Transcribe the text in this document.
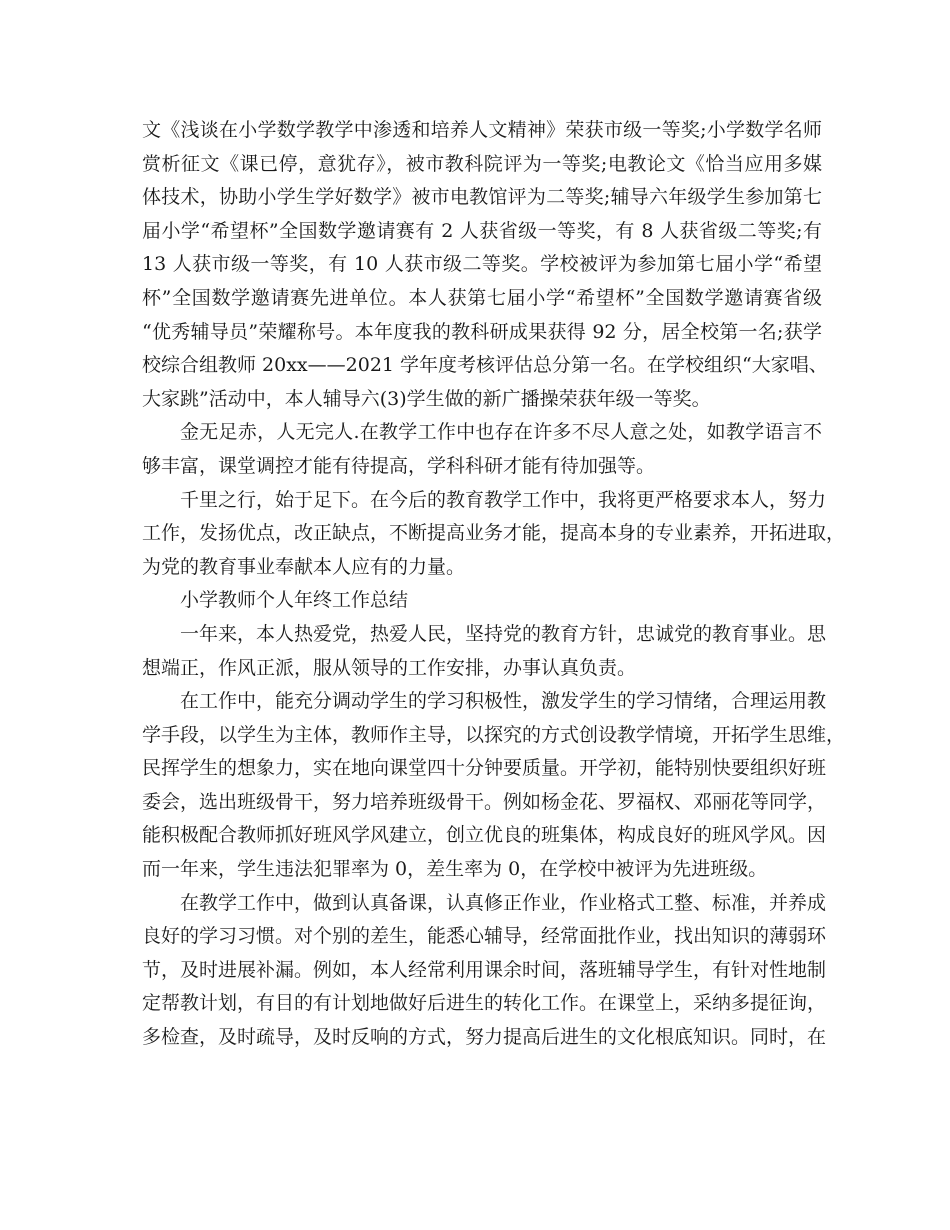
文《浅谈在小学数学教学中渗透和培养人文精神》荣获市级一等奖;小学数学名师
赏析征文《课已停，意犹存》，被市教科院评为一等奖;电教论文《恰当应用多媒
体技术，协助小学生学好数学》被市电教馆评为二等奖;辅导六年级学生参加第七
届小学“希望杯”全国数学邀请赛有 2 人获省级一等奖，有 8 人获省级二等奖;有
13 人获市级一等奖，有 10 人获市级二等奖。学校被评为参加第七届小学“希望
杯”全国数学邀请赛先进单位。本人获第七届小学“希望杯”全国数学邀请赛省级
“优秀辅导员”荣耀称号。本年度我的教科研成果获得 92 分，居全校第一名;获学
校综合组教师 20xx——2021 学年度考核评估总分第一名。在学校组织“大家唱、
大家跳”活动中，本人辅导六(3)学生做的新广播操荣获年级一等奖。
金无足赤，人无完人.在教学工作中也存在许多不尽人意之处，如教学语言不
够丰富，课堂调控才能有待提高，学科科研才能有待加强等。
千里之行，始于足下。在今后的教育教学工作中，我将更严格要求本人，努力
工作，发扬优点，改正缺点，不断提高业务才能，提高本身的专业素养，开拓进取，
为党的教育事业奉献本人应有的力量。
小学教师个人年终工作总结
一年来，本人热爱党，热爱人民，坚持党的教育方针，忠诚党的教育事业。思
想端正，作风正派，服从领导的工作安排，办事认真负责。
在工作中，能充分调动学生的学习积极性，激发学生的学习情绪，合理运用教
学手段，以学生为主体，教师作主导，以探究的方式创设教学情境，开拓学生思维，
民挥学生的想象力，实在地向课堂四十分钟要质量。开学初，能特别快要组织好班
委会，选出班级骨干，努力培养班级骨干。例如杨金花、罗福权、邓丽花等同学，
能积极配合教师抓好班风学风建立，创立优良的班集体，构成良好的班风学风。因
而一年来，学生违法犯罪率为 0，差生率为 0，在学校中被评为先进班级。
在教学工作中，做到认真备课，认真修正作业，作业格式工整、标准，并养成
良好的学习习惯。对个别的差生，能悉心辅导，经常面批作业，找出知识的薄弱环
节，及时进展补漏。例如，本人经常利用课余时间，落班辅导学生，有针对性地制
定帮教计划，有目的有计划地做好后进生的转化工作。在课堂上，采纳多提征询，
多检查，及时疏导，及时反响的方式，努力提高后进生的文化根底知识。同时，在
